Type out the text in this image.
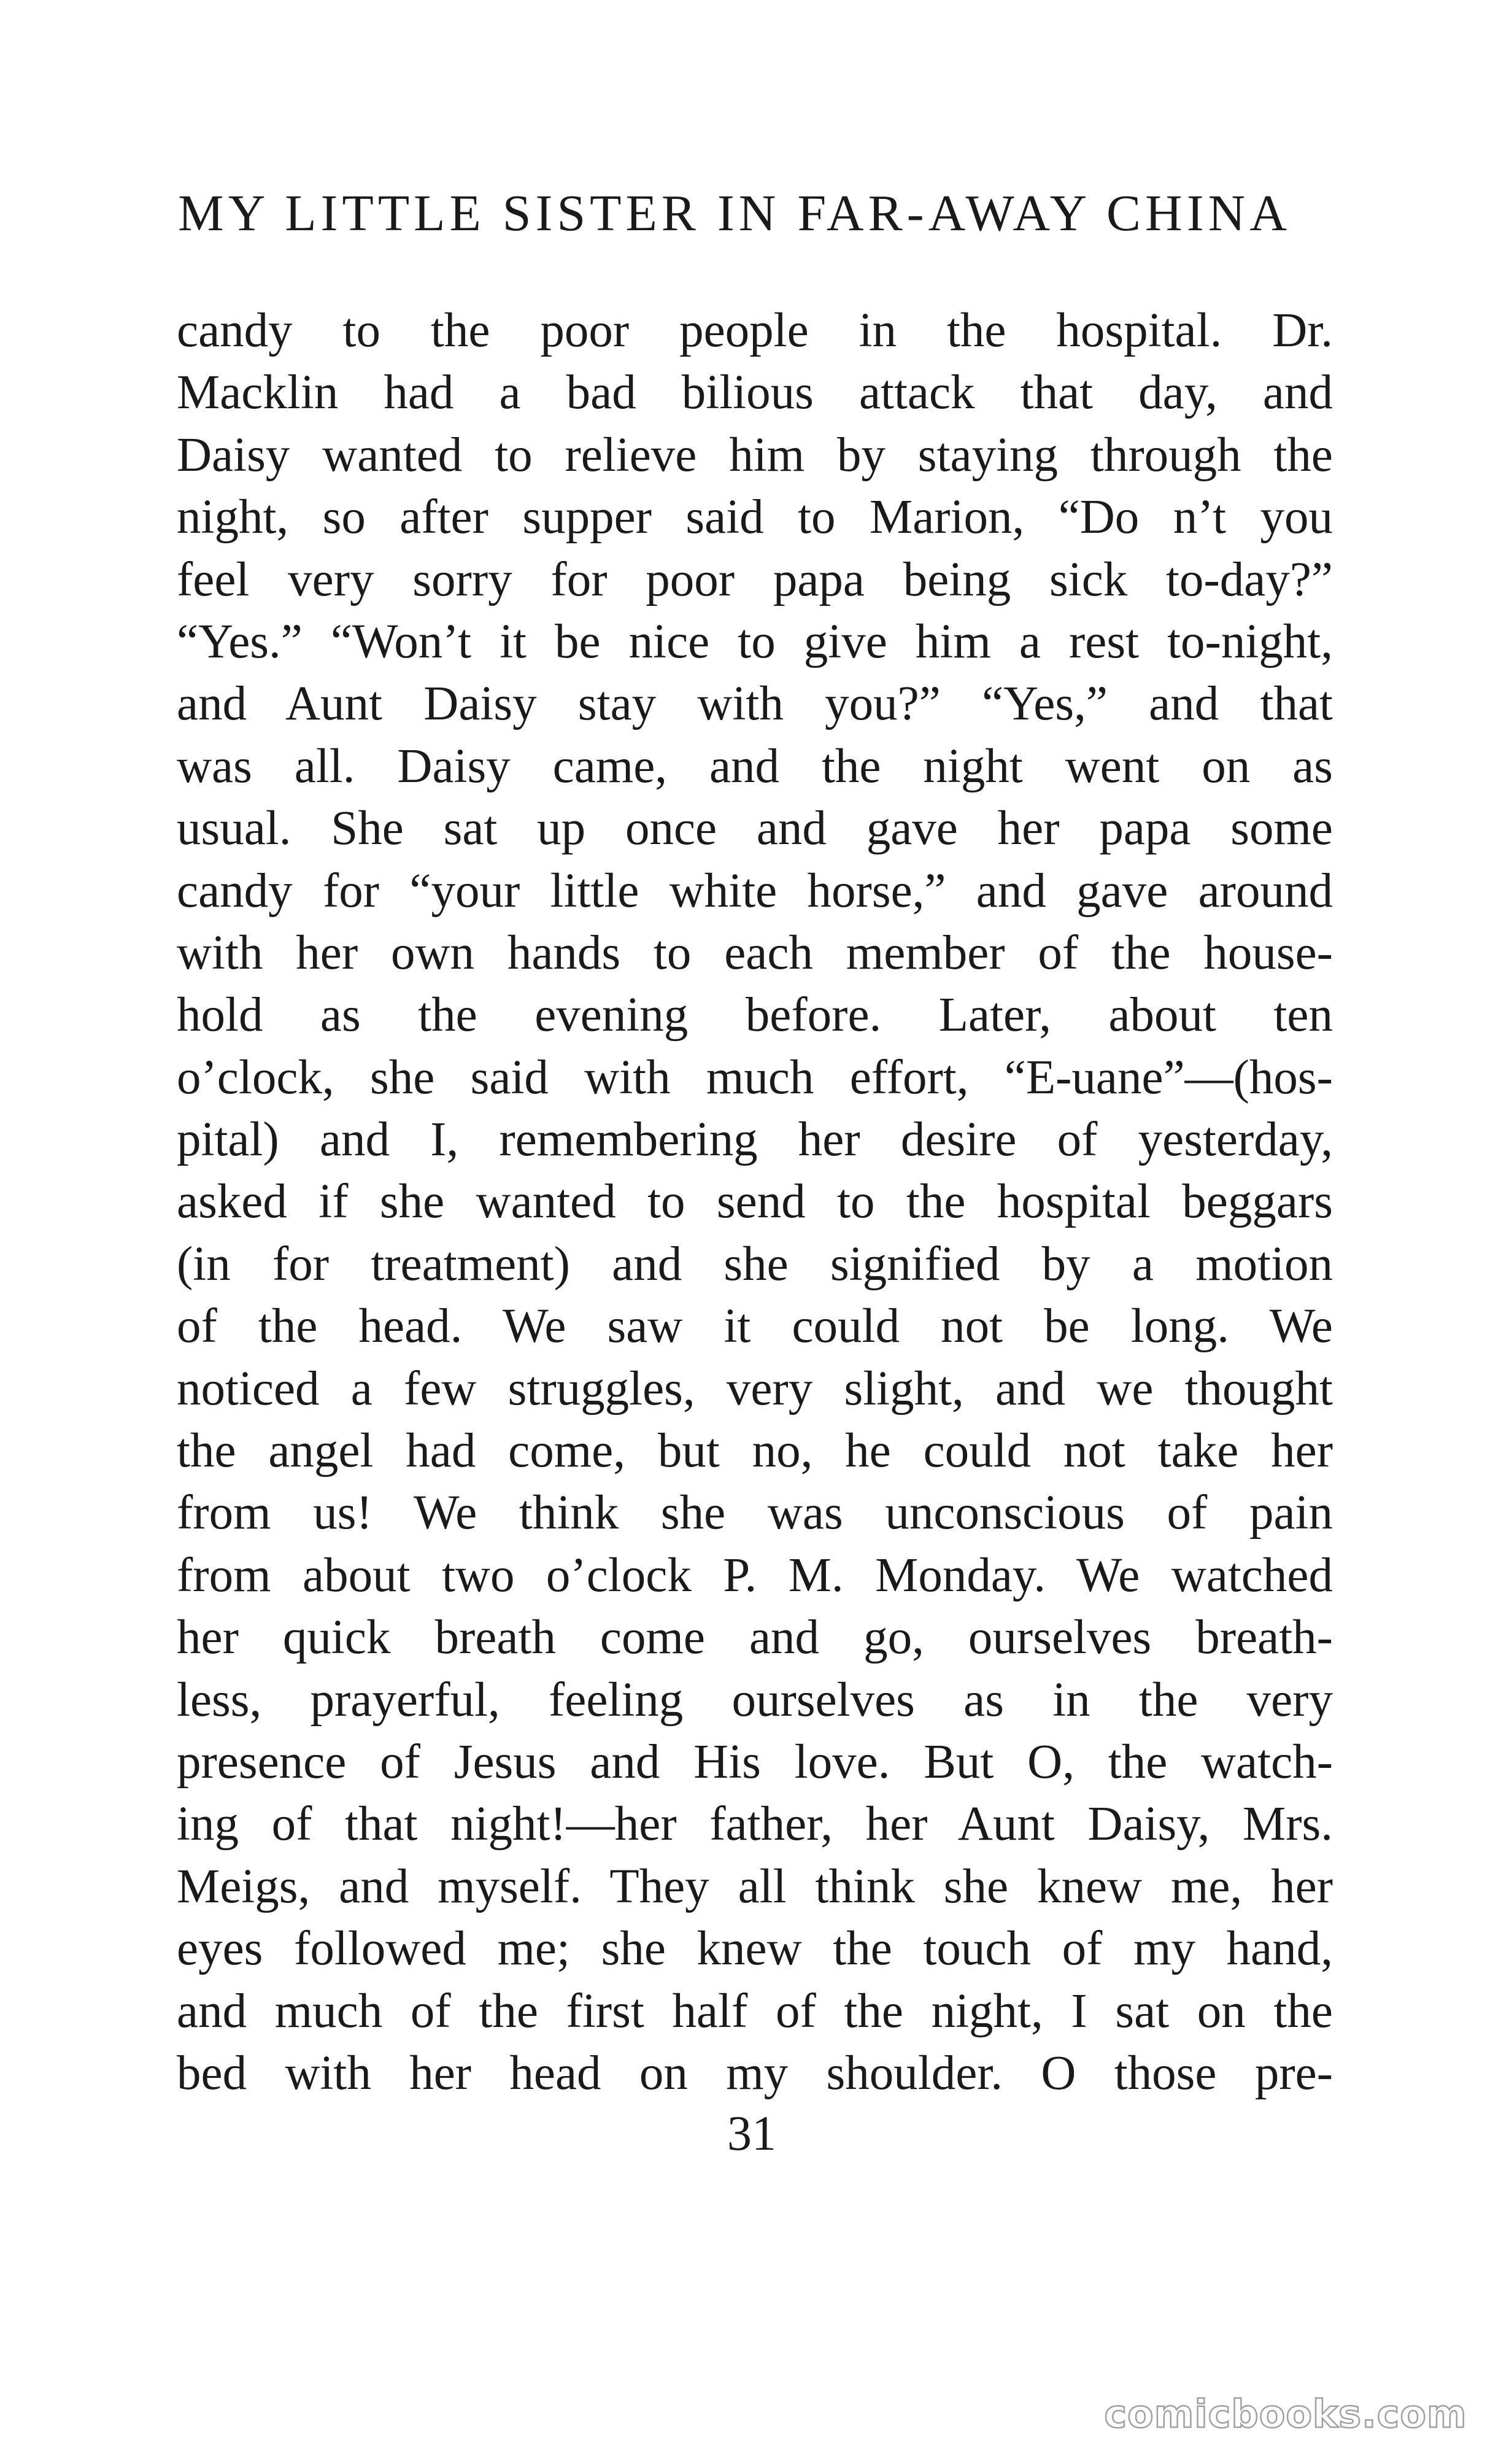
MY LITTLE SISTER IN FAR-AWAY CHINA
candy to the poor people in the hospital. Dr.
Macklin had a bad bilious attack that day, and
Daisy wanted to relieve him by staying through the
night, so after supper said to Marion, “Do n’t you
feel very sorry for poor papa being sick to-day?”
“Yes.” “Won’t it be nice to give him a rest to-night,
and Aunt Daisy stay with you?” “Yes,” and that
was all. Daisy came, and the night went on as
usual. She sat up once and gave her papa some
candy for “your little white horse,” and gave around
with her own hands to each member of the house-
hold as the evening before. Later, about ten
o’clock, she said with much effort, “E-uane”—(hos-
pital) and I, remembering her desire of yesterday,
asked if she wanted to send to the hospital beggars
(in for treatment) and she signified by a motion
of the head. We saw it could not be long. We
noticed a few struggles, very slight, and we thought
the angel had come, but no, he could not take her
from us! We think she was unconscious of pain
from about two o’clock P. M. Monday. We watched
her quick breath come and go, ourselves breath-
less, prayerful, feeling ourselves as in the very
presence of Jesus and His love. But O, the watch-
ing of that night!—her father, her Aunt Daisy, Mrs.
Meigs, and myself. They all think she knew me, her
eyes followed me; she knew the touch of my hand,
and much of the first half of the night, I sat on the
bed with her head on my shoulder. O those pre-
31
comicbooks.com
